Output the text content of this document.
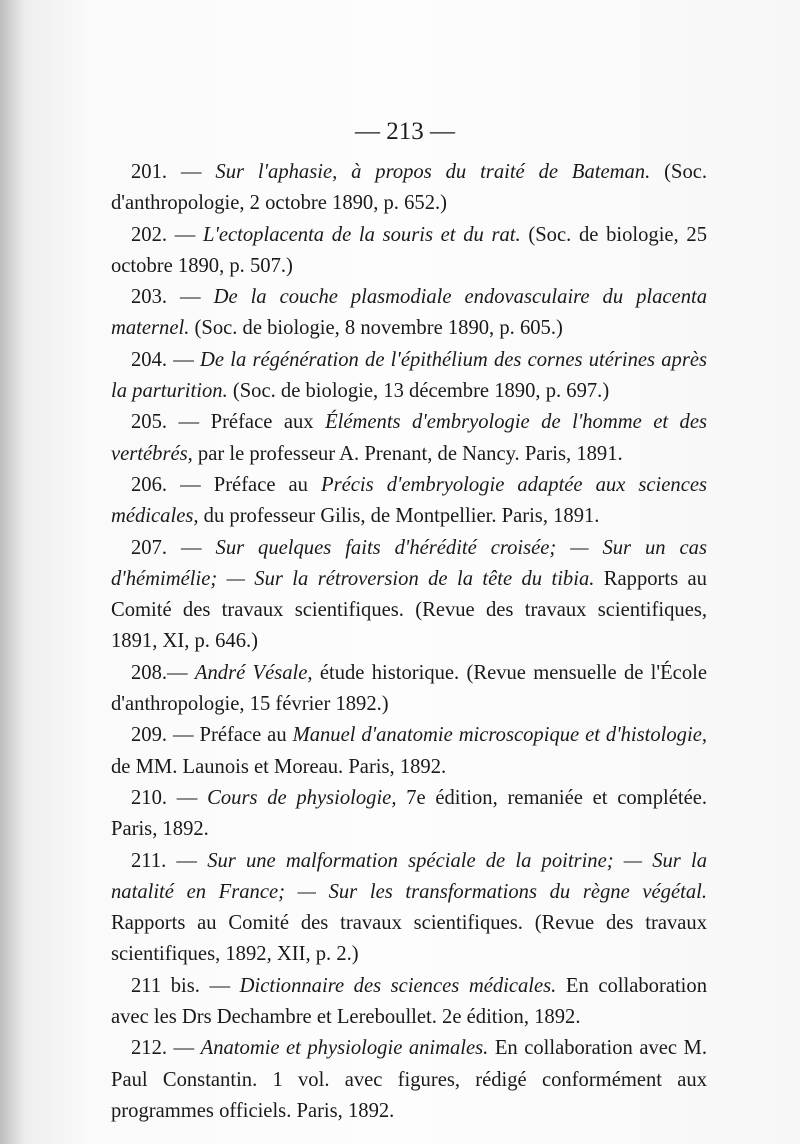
— 213 —

201. — Sur l'aphasie, à propos du traité de Bateman. (Soc. d'anthropologie, 2 octobre 1890, p. 652.)

202. — L'ectoplacenta de la souris et du rat. (Soc. de biologie, 25 octobre 1890, p. 507.)

203. — De la couche plasmodiale endovasculaire du placenta maternel. (Soc. de biologie, 8 novembre 1890, p. 605.)

204. — De la régénération de l'épithélium des cornes utérines après la parturition. (Soc. de biologie, 13 décembre 1890, p. 697.)

205. — Préface aux Éléments d'embryologie de l'homme et des vertébrés, par le professeur A. Prenant, de Nancy. Paris, 1891.

206. — Préface au Précis d'embryologie adaptée aux sciences médicales, du professeur Gilis, de Montpellier. Paris, 1891.

207. — Sur quelques faits d'hérédité croisée; — Sur un cas d'hémimélie; — Sur la rétroversion de la tête du tibia. Rapports au Comité des travaux scientifiques. (Revue des travaux scientifiques, 1891, XI, p. 646.)

208.— André Vésale, étude historique. (Revue mensuelle de l'École d'anthropologie, 15 février 1892.)

209. — Préface au Manuel d'anatomie microscopique et d'histologie, de MM. Launois et Moreau. Paris, 1892.

210. — Cours de physiologie, 7e édition, remaniée et complétée. Paris, 1892.

211. — Sur une malformation spéciale de la poitrine; — Sur la natalité en France; — Sur les transformations du règne végétal. Rapports au Comité des travaux scientifiques. (Revue des travaux scientifiques, 1892, XII, p. 2.)

211 bis. — Dictionnaire des sciences médicales. En collaboration avec les Drs Dechambre et Lereboullet. 2e édition, 1892.

212. — Anatomie et physiologie animales. En collaboration avec M. Paul Constantin. 1 vol. avec figures, rédigé conformément aux programmes officiels. Paris, 1892.
